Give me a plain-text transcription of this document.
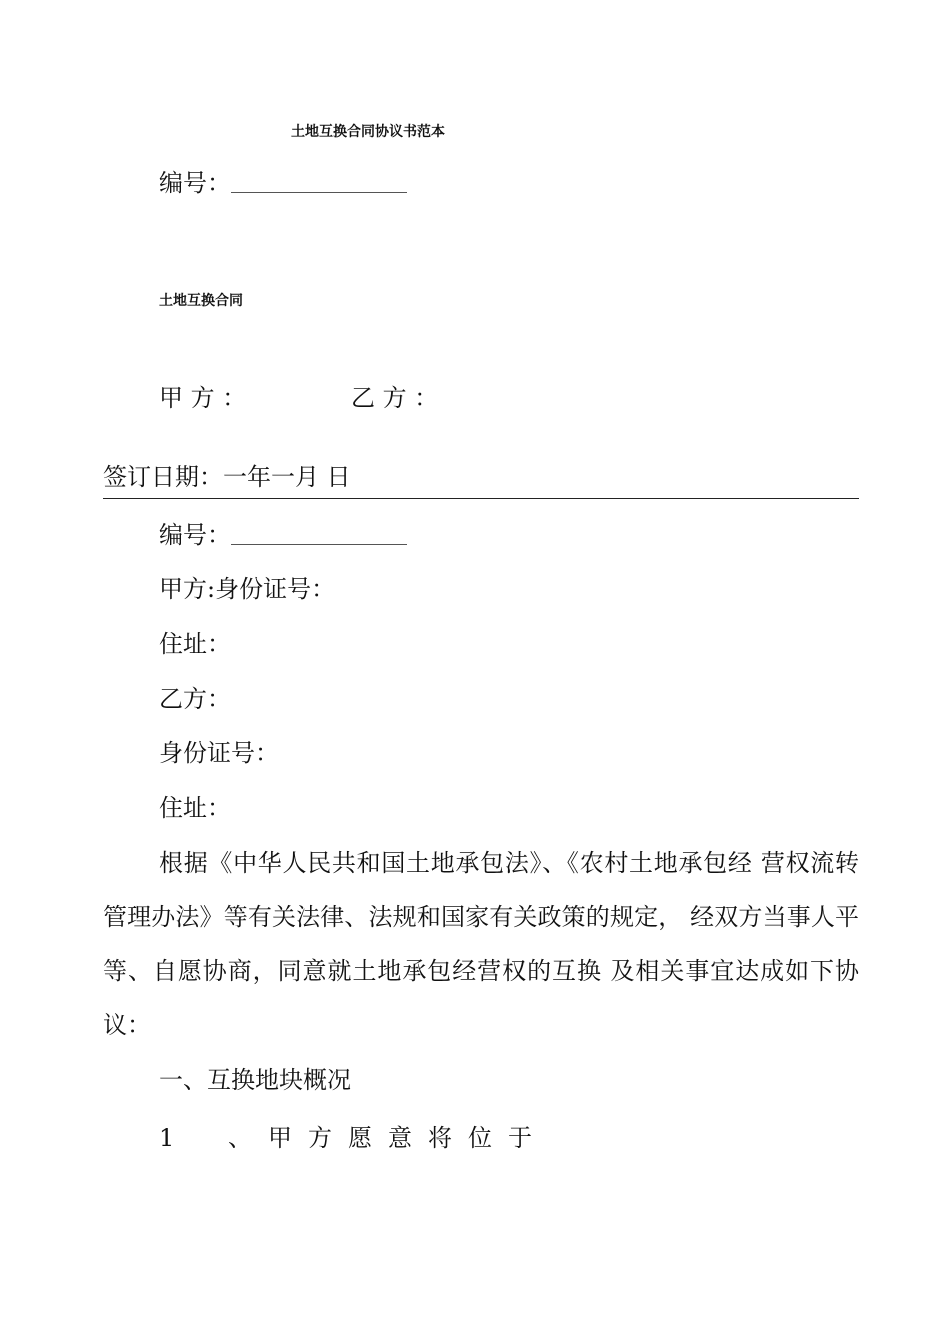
土地互换合同协议书范本
编号：
土地互换合同
甲 方 ：	乙 方 ：
签订日期：一年一月 日
编号：
甲方:身份证号：
住址：
乙方：
身份证号：
住址：
根据《中华人民共和国土地承包法》、《农村土地承包经 营权流转管理办法》等有关法律、法规和国家有关政策的规定， 经双方当事人平等、自愿协商，同意就土地承包经营权的互换 及相关事宜达成如下协议：
一、互换地块概况
1 、甲方愿意将位于
